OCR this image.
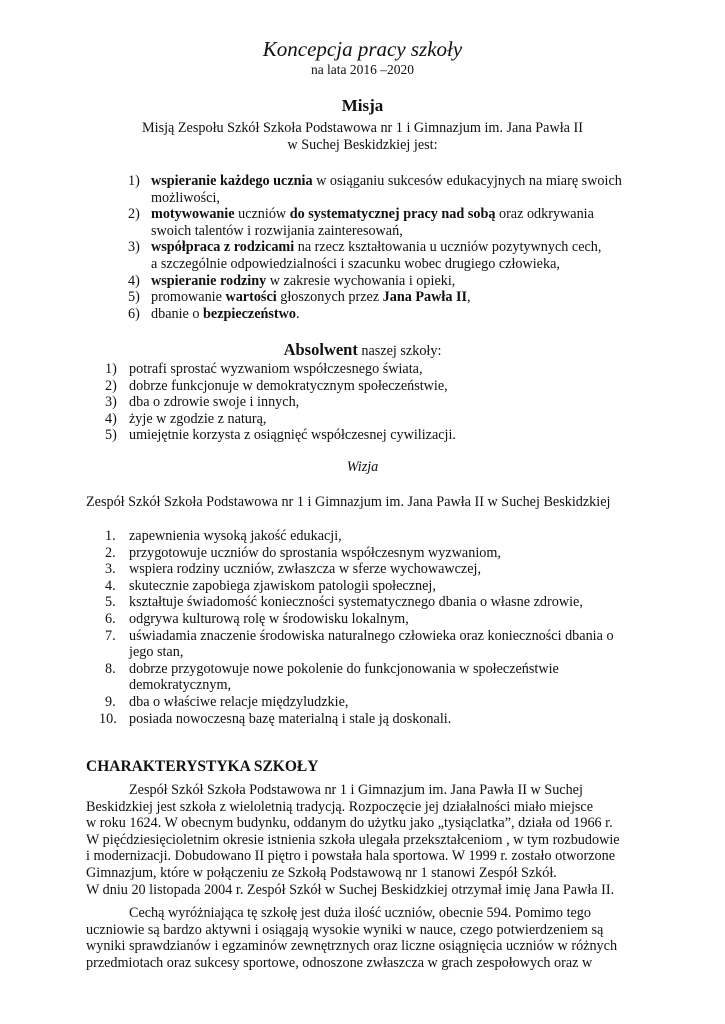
Koncepcja pracy szkoły
na lata 2016 –2020
Misja
Misją Zespołu Szkół Szkoła Podstawowa nr 1 i Gimnazjum im. Jana Pawła II
w Suchej Beskidzkiej jest:
1) wspieranie każdego ucznia w osiąganiu sukcesów edukacyjnych na miarę swoich
możliwości,
2) motywowanie uczniów do systematycznej pracy nad sobą oraz odkrywania
swoich talentów i rozwijania zainteresowań,
3) współpraca z rodzicami na rzecz kształtowania u uczniów pozytywnych cech,
a szczególnie odpowiedzialności i szacunku wobec drugiego człowieka,
4) wspieranie rodziny w zakresie wychowania i opieki,
5) promowanie wartości głoszonych przez Jana Pawła II,
6) dbanie o bezpieczeństwo.
Absolwent naszej szkoły:
1) potrafi sprostać wyzwaniom współczesnego świata,
2) dobrze funkcjonuje w demokratycznym społeczeństwie,
3) dba o zdrowie swoje i innych,
4) żyje w zgodzie z naturą,
5) umiejętnie korzysta z osiągnięć współczesnej cywilizacji.
Wizja
Zespół Szkół Szkoła Podstawowa nr 1 i Gimnazjum im. Jana Pawła II w Suchej Beskidzkiej
1. zapewnienia wysoką jakość edukacji,
2. przygotowuje uczniów do sprostania współczesnym wyzwaniom,
3. wspiera rodziny uczniów, zwłaszcza w sferze wychowawczej,
4. skutecznie zapobiega zjawiskom patologii społecznej,
5. kształtuje świadomość konieczności systematycznego dbania o własne zdrowie,
6. odgrywa kulturową rolę w środowisku lokalnym,
7. uświadamia znaczenie środowiska naturalnego człowieka oraz konieczności dbania o
jego stan,
8. dobrze przygotowuje nowe pokolenie do funkcjonowania w społeczeństwie
demokratycznym,
9. dba o właściwe relacje międzyludzkie,
10. posiada nowoczesną bazę materialną i stale ją doskonali.
CHARAKTERYSTYKA SZKOŁY
Zespół Szkół Szkoła Podstawowa nr 1 i Gimnazjum im. Jana Pawła II w Suchej
Beskidzkiej jest szkoła z wieloletnią tradycją. Rozpoczęcie jej działalności miało miejsce
w roku 1624. W obecnym budynku, oddanym do użytku jako „tysiąclatka”, działa od 1966 r.
W pięćdziesięcioletnim okresie istnienia szkoła ulegała przekształceniom , w tym rozbudowie
i modernizacji. Dobudowano II piętro i powstała hala sportowa. W 1999 r. zostało otworzone
Gimnazjum, które w połączeniu ze Szkołą Podstawową nr 1 stanowi Zespół Szkół.
W dniu 20 listopada 2004 r. Zespół Szkół w Suchej Beskidzkiej otrzymał imię Jana Pawła II.
Cechą wyróżniająca tę szkołę jest duża ilość uczniów, obecnie 594. Pomimo tego
uczniowie są bardzo aktywni i osiągają wysokie wyniki w nauce, czego potwierdzeniem są
wyniki sprawdzianów i egzaminów zewnętrznych oraz liczne osiągnięcia uczniów w różnych
przedmiotach oraz sukcesy sportowe, odnoszone zwłaszcza w grach zespołowych oraz w
